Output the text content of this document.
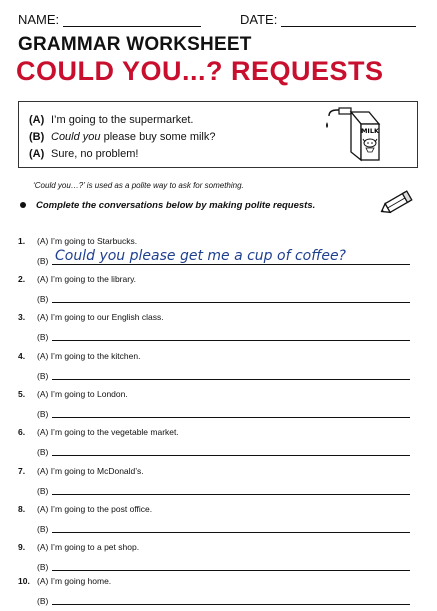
NAME:	DATE:
GRAMMAR WORKSHEET
COULD YOU...? REQUESTS
(A) I’m going to the supermarket.
(B) Could you please buy some milk?
(A) Sure, no problem!
MILK
‘Could you…?’ is used as a polite way to ask for something.
Complete the conversations below by making polite requests.
1. (A) I’m going to Starbucks.
(B) Could you please get me a cup of coffee?
2. (A) I’m going to the library.
(B)
3. (A) I’m going to our English class.
(B)
4. (A) I’m going to the kitchen.
(B)
5. (A) I’m going to London.
(B)
6. (A) I’m going to the vegetable market.
(B)
7. (A) I’m going to McDonald’s.
(B)
8. (A) I’m going to the post office.
(B)
9. (A) I’m going to a pet shop.
(B)
10. (A) I’m going home.
(B)
